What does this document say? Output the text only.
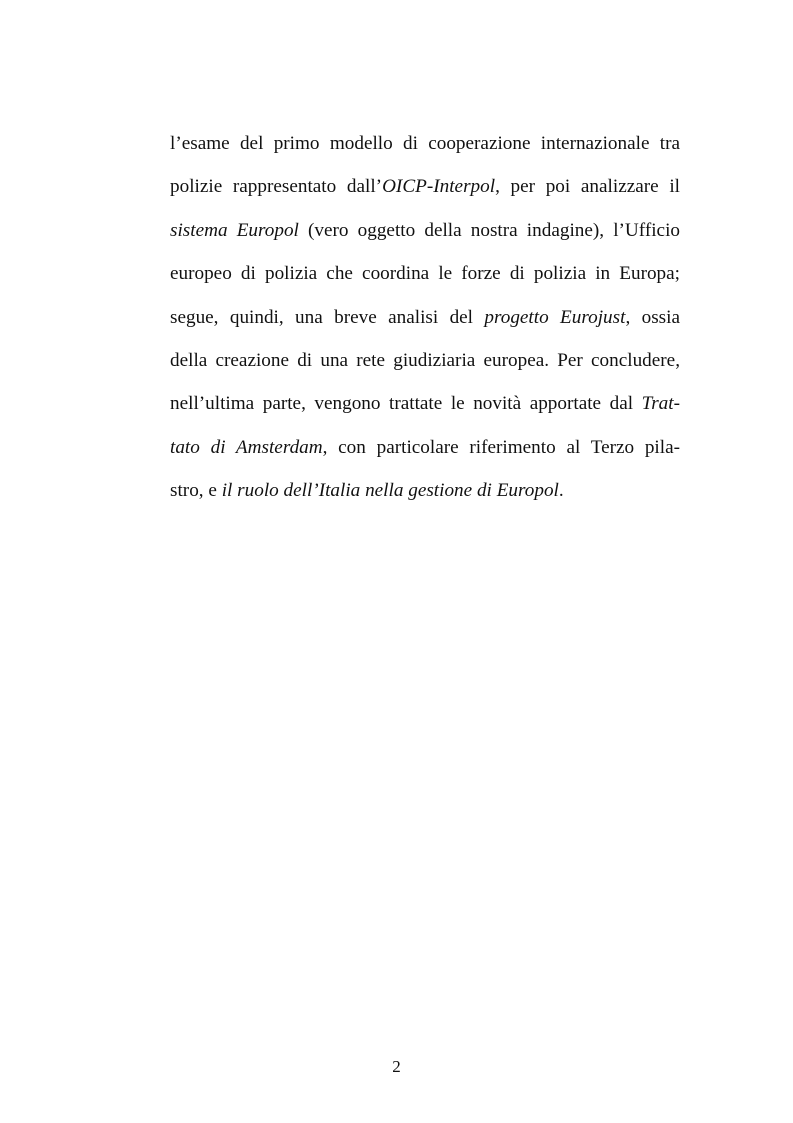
l’esame del primo modello di cooperazione internazionale tra
polizie rappresentato dall’OICP-Interpol, per poi analizzare il
sistema Europol (vero oggetto della nostra indagine), l’Ufficio
europeo di polizia che coordina le forze di polizia in Europa;
segue, quindi, una breve analisi del progetto Eurojust, ossia
della creazione di una rete giudiziaria europea. Per concludere,
nell’ultima parte, vengono trattate le novità apportate dal Trat-
tato di Amsterdam, con particolare riferimento al Terzo pila-
stro, e il ruolo dell’Italia nella gestione di Europol.
2
